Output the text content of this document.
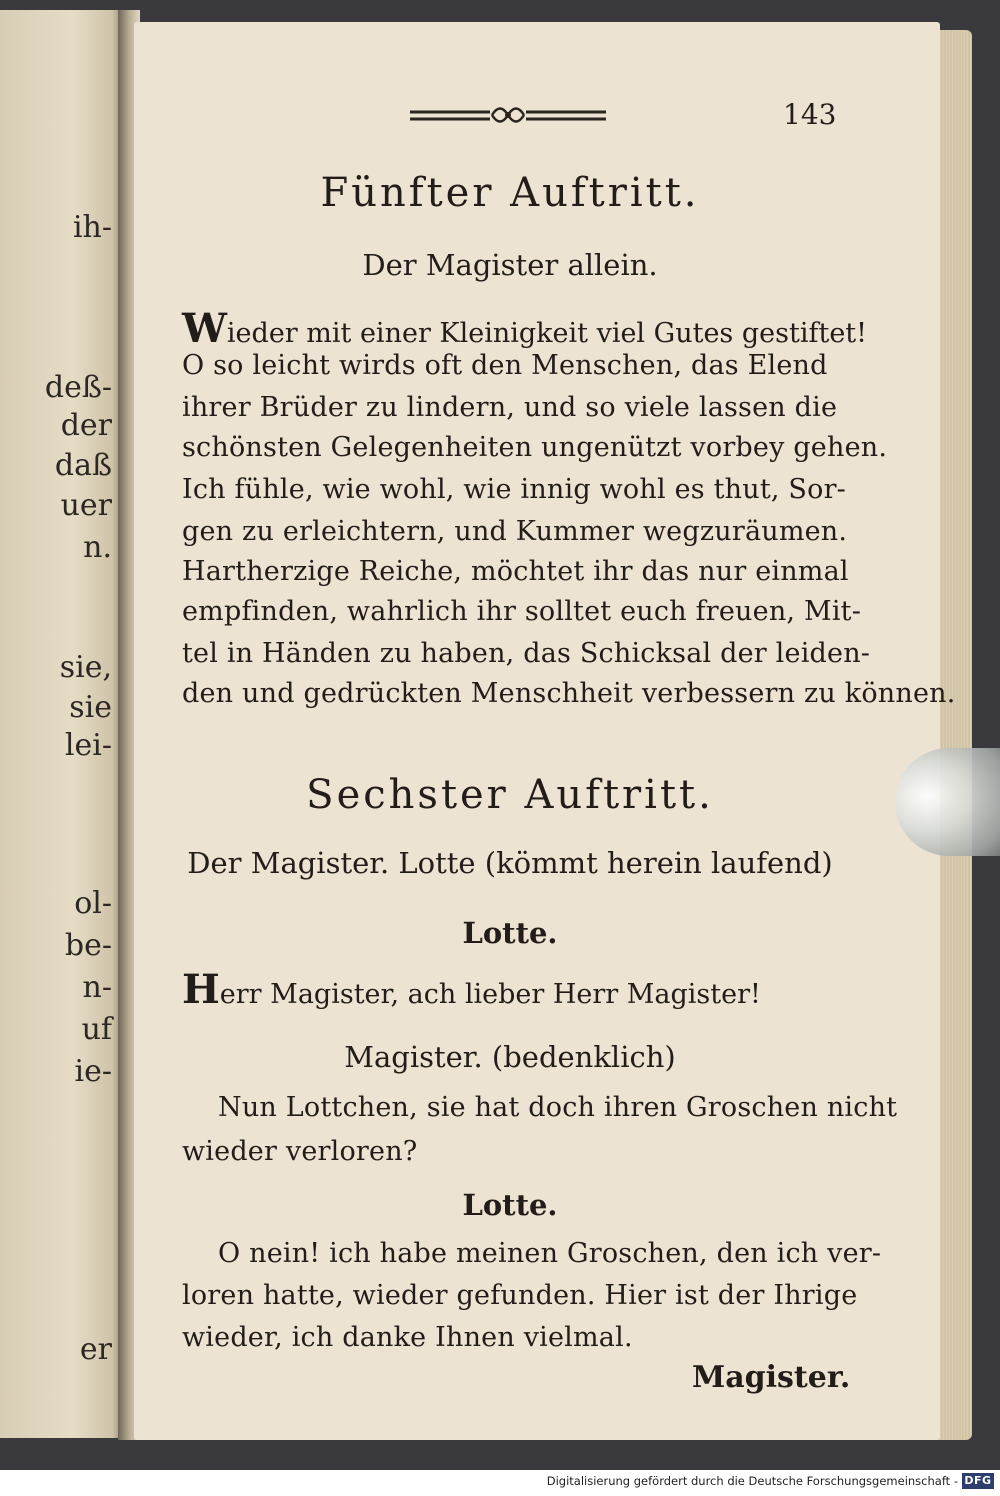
ih-
deß-
der
daß
uer
n.
sie,
sie
lei-
ol-
be-
n-
uf
ie-
er
143
Fünfter Auftritt.
Der Magister allein.
Wieder mit einer Kleinigkeit viel Gutes gestiftet!
O so leicht wirds oft den Menschen, das Elend
ihrer Brüder zu lindern, und so viele lassen die
schönsten Gelegenheiten ungenützt vorbey gehen.
Ich fühle, wie wohl, wie innig wohl es thut, Sor-
gen zu erleichtern, und Kummer wegzuräumen.
Hartherzige Reiche, möchtet ihr das nur einmal
empfinden, wahrlich ihr solltet euch freuen, Mit-
tel in Händen zu haben, das Schicksal der leiden-
den und gedrückten Menschheit verbessern zu können.
Sechster Auftritt.
Der Magister. Lotte (kömmt herein laufend)
Lotte.
Herr Magister, ach lieber Herr Magister!
Magister. (bedenklich)
Nun Lottchen, sie hat doch ihren Groschen nicht
wieder verloren?
Lotte.
O nein! ich habe meinen Groschen, den ich ver-
loren hatte, wieder gefunden. Hier ist der Ihrige
wieder, ich danke Ihnen vielmal.
Magister.
Digitalisierung gefördert durch die Deutsche Forschungsgemeinschaft - DFG
